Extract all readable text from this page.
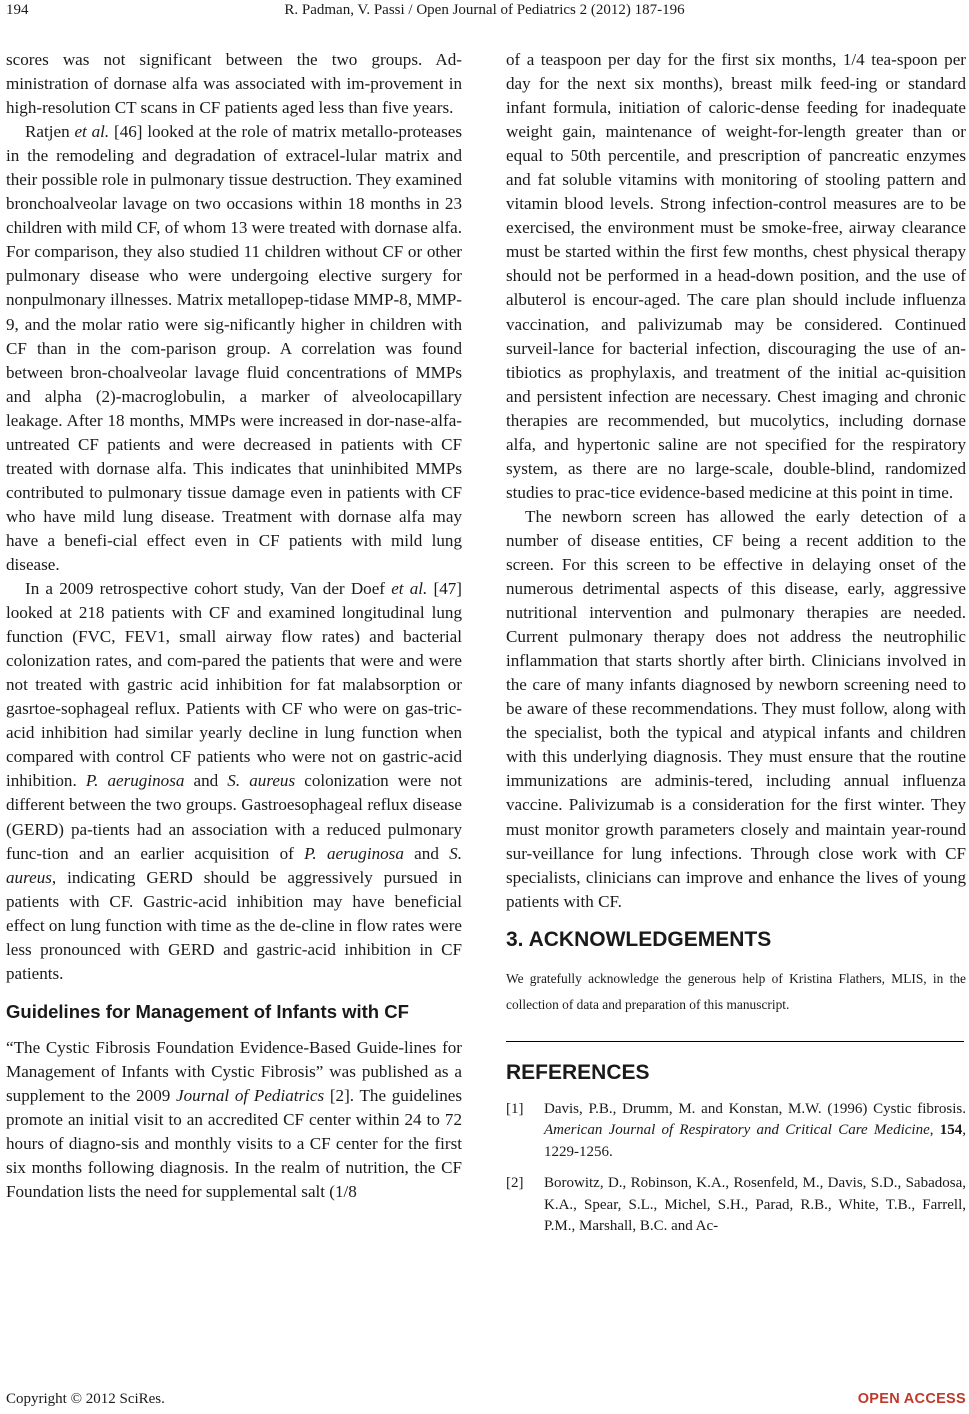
194	R. Padman, V. Passi / Open Journal of Pediatrics 2 (2012) 187-196

scores was not significant between the two groups. Ad-ministration of dornase alfa was associated with im-provement in high-resolution CT scans in CF patients aged less than five years.

Ratjen et al. [46] looked at the role of matrix metallo-proteases in the remodeling and degradation of extracel-lular matrix and their possible role in pulmonary tissue destruction. They examined bronchoalveolar lavage on two occasions within 18 months in 23 children with mild CF, of whom 13 were treated with dornase alfa. For comparison, they also studied 11 children without CF or other pulmonary disease who were undergoing elective surgery for nonpulmonary illnesses. Matrix metallopep-tidase MMP-8, MMP-9, and the molar ratio were sig-nificantly higher in children with CF than in the com-parison group. A correlation was found between bron-choalveolar lavage fluid concentrations of MMPs and alpha (2)-macroglobulin, a marker of alveolocapillary leakage. After 18 months, MMPs were increased in dor-nase-alfa-untreated CF patients and were decreased in patients with CF treated with dornase alfa. This indicates that uninhibited MMPs contributed to pulmonary tissue damage even in patients with CF who have mild lung disease. Treatment with dornase alfa may have a benefi-cial effect even in CF patients with mild lung disease.

In a 2009 retrospective cohort study, Van der Doef et al. [47] looked at 218 patients with CF and examined longitudinal lung function (FVC, FEV1, small airway flow rates) and bacterial colonization rates, and com-pared the patients that were and were not treated with gastric acid inhibition for fat malabsorption or gasrtoe-sophageal reflux. Patients with CF who were on gas-tric-acid inhibition had similar yearly decline in lung function when compared with control CF patients who were not on gastric-acid inhibition. P. aeruginosa and S. aureus colonization were not different between the two groups. Gastroesophageal reflux disease (GERD) pa-tients had an association with a reduced pulmonary func-tion and an earlier acquisition of P. aeruginosa and S. aureus, indicating GERD should be aggressively pursued in patients with CF. Gastric-acid inhibition may have beneficial effect on lung function with time as the de-cline in flow rates were less pronounced with GERD and gastric-acid inhibition in CF patients.

Guidelines for Management of Infants with CF

“The Cystic Fibrosis Foundation Evidence-Based Guide-lines for Management of Infants with Cystic Fibrosis” was published as a supplement to the 2009 Journal of Pediatrics [2]. The guidelines promote an initial visit to an accredited CF center within 24 to 72 hours of diagno-sis and monthly visits to a CF center for the first six months following diagnosis. In the realm of nutrition, the CF Foundation lists the need for supplemental salt (1/8

of a teaspoon per day for the first six months, 1/4 tea-spoon per day for the next six months), breast milk feed-ing or standard infant formula, initiation of caloric-dense feeding for inadequate weight gain, maintenance of weight-for-length greater than or equal to 50th percentile, and prescription of pancreatic enzymes and fat soluble vitamins with monitoring of stooling pattern and vitamin blood levels. Strong infection-control measures are to be exercised, the environment must be smoke-free, airway clearance must be started within the first few months, chest physical therapy should not be performed in a head-down position, and the use of albuterol is encour-aged. The care plan should include influenza vaccination, and palivizumab may be considered. Continued surveil-lance for bacterial infection, discouraging the use of an-tibiotics as prophylaxis, and treatment of the initial ac-quisition and persistent infection are necessary. Chest imaging and chronic therapies are recommended, but mucolytics, including dornase alfa, and hypertonic saline are not specified for the respiratory system, as there are no large-scale, double-blind, randomized studies to prac-tice evidence-based medicine at this point in time.

The newborn screen has allowed the early detection of a number of disease entities, CF being a recent addition to the screen. For this screen to be effective in delaying onset of the numerous detrimental aspects of this disease, early, aggressive nutritional intervention and pulmonary therapies are needed. Current pulmonary therapy does not address the neutrophilic inflammation that starts shortly after birth. Clinicians involved in the care of many infants diagnosed by newborn screening need to be aware of these recommendations. They must follow, along with the specialist, both the typical and atypical infants and children with this underlying diagnosis. They must ensure that the routine immunizations are adminis-tered, including annual influenza vaccine. Palivizumab is a consideration for the first winter. They must monitor growth parameters closely and maintain year-round sur-veillance for lung infections. Through close work with CF specialists, clinicians can improve and enhance the lives of young patients with CF.

3. ACKNOWLEDGEMENTS

We gratefully acknowledge the generous help of Kristina Flathers, MLIS, in the collection of data and preparation of this manuscript.

REFERENCES
[1] Davis, P.B., Drumm, M. and Konstan, M.W. (1996) Cystic fibrosis. American Journal of Respiratory and Critical Care Medicine, 154, 1229-1256.
[2] Borowitz, D., Robinson, K.A., Rosenfeld, M., Davis, S.D., Sabadosa, K.A., Spear, S.L., Michel, S.H., Parad, R.B., White, T.B., Farrell, P.M., Marshall, B.C. and Ac-
Copyright © 2012 SciRes.	OPEN ACCESS
